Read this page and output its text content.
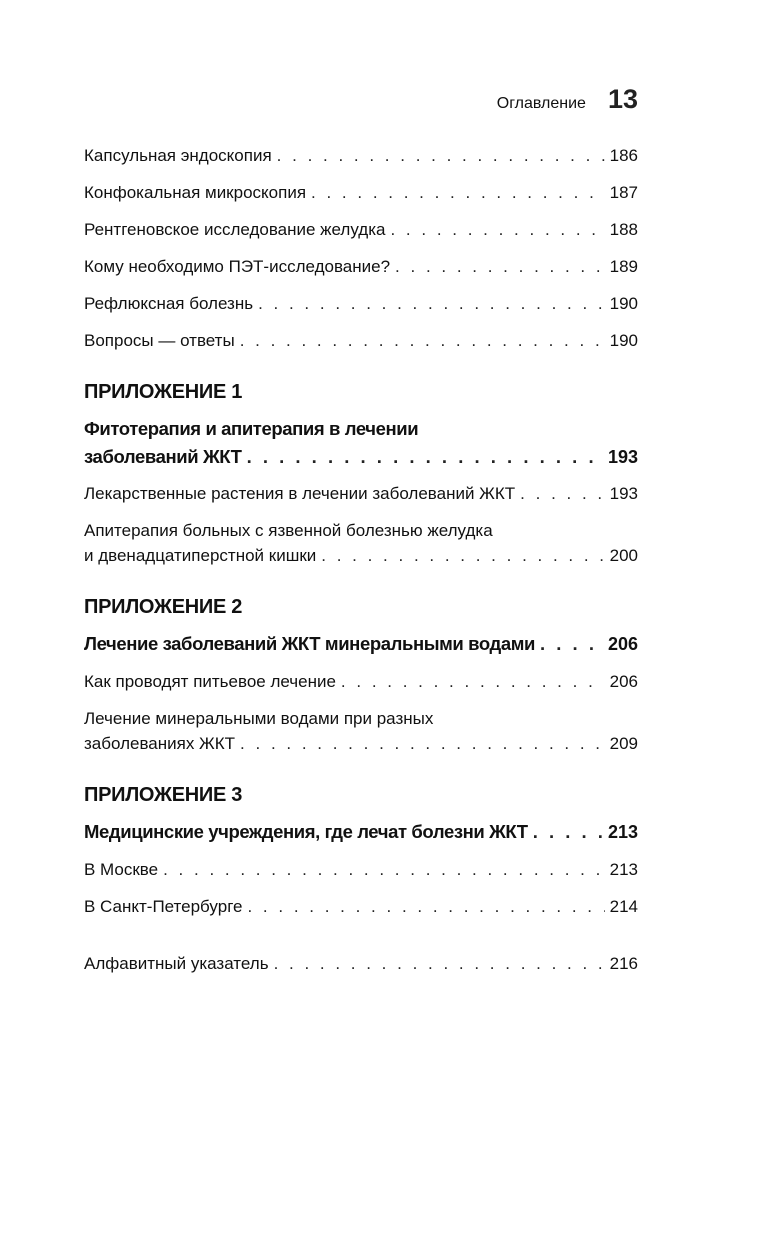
Оглавление 13
Капсульная эндоскопия . . .	186
Конфокальная микроскопия . . .	187
Рентгеновское исследование желудка . . .	188
Кому необходимо ПЭТ-исследование? . . .	189
Рефлюксная болезнь . . .	190
Вопросы — ответы . . .	190
ПРИЛОЖЕНИЕ 1
Фитотерапия и апитерапия в лечении
заболеваний ЖКТ . . .	193
Лекарственные растения в лечении заболеваний ЖКТ . . .	193
Апитерапия больных с язвенной болезнью желудка
и двенадцатиперстной кишки . . .	200
ПРИЛОЖЕНИЕ 2
Лечение заболеваний ЖКТ минеральными водами . . .	206
Как проводят питьевое лечение . . .	206
Лечение минеральными водами при разных
заболеваниях ЖКТ . . .	209
ПРИЛОЖЕНИЕ 3
Медицинские учреждения, где лечат болезни ЖКТ . . .	213
В Москве . . .	213
В Санкт-Петербурге . . .	214
Алфавитный указатель . . .	216
